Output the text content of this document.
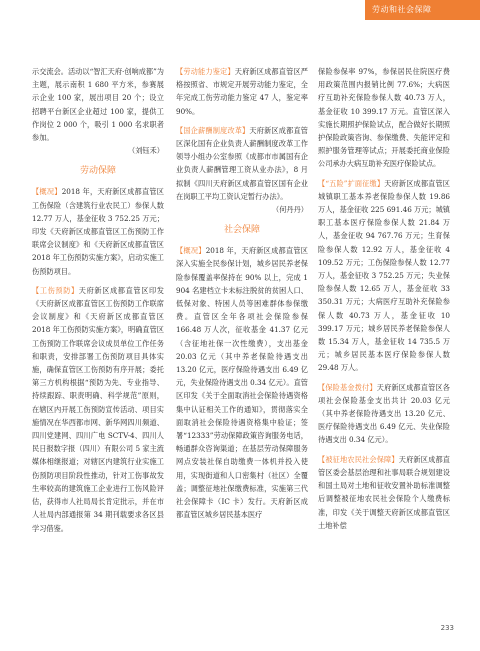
劳动和社会保障

示交流会。活动以“智汇天府·创响成都”为主题，展示南积 1 680 平方米，参赛展示企业 100 家，展出项目 20 个；设立招聘平台新区企业超过 100 家，提供工作岗位 2 000 个，吸引 1 000 名求职者参加。

（刘钰禾）

劳动保障

【概况】2018 年，天府新区成都直管区工伤保险（含建筑行业农民工）参保人数 12.77 万人，基金征收 3 752.25 万元；印发《天府新区成都直管区工伤预防工作联席会议制度》和《天府新区成都直管区 2018 年工伤预防实施方案》，启动实施工伤预防项目。

【工伤预防】天府新区成都直管区印发《天府新区成都直管区工伤预防工作联席会议制度》和《天府新区成都直管区 2018 年工伤预防实施方案》，明确直管区工伤预防工作联席会议成员单位工作任务和职责，安排部署工伤预防项目具体实施，确保直管区工伤预防有序开展；委托第三方机构根据“预防为先、专业指导、持续跟踪、职责明确、科学规范”原则，在辖区内开展工伤预防宣传活动、项目实施情况在华西都市网、新华网四川频道、四川党建网、四川广电 SCTV-4、四川人民日报数字报（四川）有限公司 5 家主流媒体相继报道；对辖区内建筑行业实施工伤预防项目阶段性推动，针对工伤事故发生率较高的建筑施工企业进行工伤风险评估，获得市人社局局长肯定批示，并在市人社局内部通报第 34 期刊载要求各区县学习借鉴。

【劳动能力鉴定】天府新区成都直管区严格按照省、市规定开展劳动能力鉴定，全年完成工伤劳动能力鉴定 47 人，鉴定率 90%。

【国企薪酬制度改革】天府新区成都直管区深化国有企业负责人薪酬制度改革工作领导小组办公室参照《成都市市属国有企业负责人薪酬管理工资从业办法》，8 月拟制《四川天府新区成都直管区国有企业在岗职工平均工资认定暂行办法》。

（何丹丹）

社会保障

【概况】2018 年，天府新区成都直管区深入实施全民参保计划，城乡居民养老保险参保覆盖率保持在 90% 以上，完成 1 904 名建档立卡未标注脱贫的贫困人口、低保对象、特困人员等困难群体参保缴费。直管区全年各项社会保险参保 166.48 万人次，征收基金 41.37 亿元（含征地社保一次性缴费），支出基金 20.03 亿元（其中养老保险待遇支出 13.20 亿元，医疗保险待遇支出 6.49 亿元，失业保险待遇支出 0.34 亿元）。直管区印发《关于全面取消社会保险待遇资格集中认证相关工作的通知》，贯彻落实全面取消社会保险待遇资格集中验证；签署“12333”劳动保障政策咨询服务电话，畅通群众咨询渠道；在基层劳动保障服务网点安装社保自助缴费一体机并投入使用，实现街道和人口密集村（社区）全覆盖；调整征地社保缴费标准，实施第三代社会保障卡（IC 卡）发行。天府新区成都直管区城乡居民基本医疗

保险参保率 97%，参保居民住院医疗费用政策范围内报销比例 77.6%；大病医疗互助补充保险参保人数 40.73 万人，基金征收 10 399.17 万元。直管区深入实施长期照护保险试点，配合做好长期照护保险政策咨询、参保缴费、失能评定和照护服务管理等试点；开展委托商业保险公司承办大病互助补充医疗保险试点。

【“五险”扩面征缴】天府新区成都直管区城镇职工基本养老保险参保人数 19.86 万人，基金征收 225 691.46 万元；城镇职工基本医疗保险参保人数 21.84 万人，基金征收 94 767.76 万元；生育保险参保人数 12.92 万人，基金征收 4 109.52 万元；工伤保险参保人数 12.77 万人，基金征收 3 752.25 万元；失业保险参保人数 12.65 万人，基金征收 33 350.31 万元；大病医疗互助补充保险参保人数 40.73 万人，基金征收 10 399.17 万元；城乡居民养老保险参保人数 15.34 万人，基金征收 14 735.5 万元；城乡居民基本医疗保险参保人数 29.48 万人。

【保险基金拨付】天府新区成都直管区各项社会保险基金支出共计 20.03 亿元（其中养老保险待遇支出 13.20 亿元、医疗保险待遇支出 6.49 亿元、失业保险待遇支出 0.34 亿元）。

【被征地农民社会保障】天府新区成都直管区委会基层治理和社事局联合规划建设和国土局对土地和征收安置补助标准调整后调整被征地农民社会保险个人缴费标准，印发《关于调整天府新区成都直管区土地补偿

233
